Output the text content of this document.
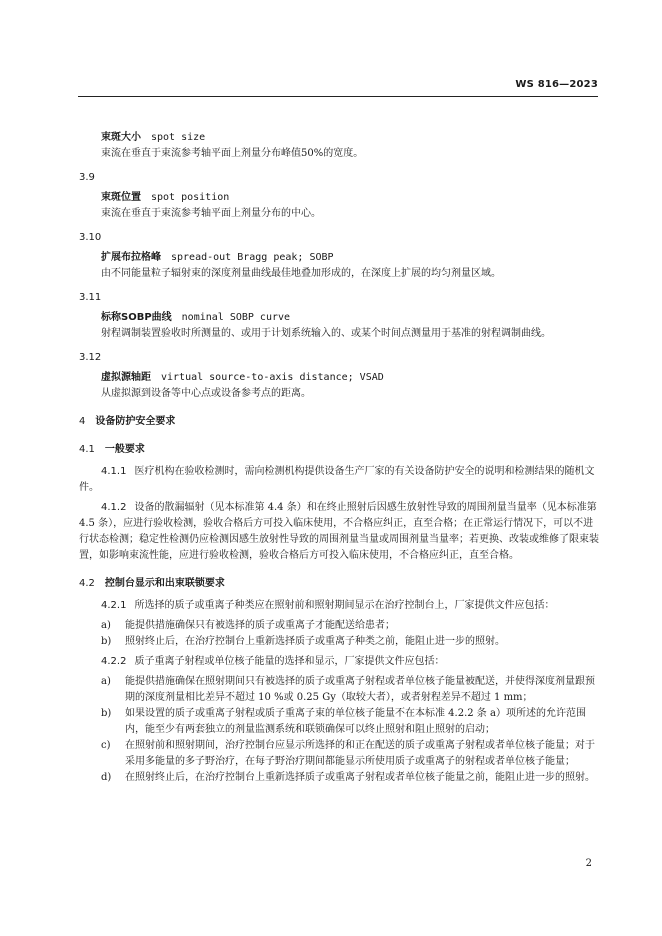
WS 816—2023
束斑大小 spot size
束流在垂直于束流参考轴平面上剂量分布峰值50%的宽度。
3.9
束斑位置 spot position
束流在垂直于束流参考轴平面上剂量分布的中心。
3.10
扩展布拉格峰 spread-out Bragg peak; SOBP
由不同能量粒子辐射束的深度剂量曲线最佳地叠加形成的，在深度上扩展的均匀剂量区域。
3.11
标称SOBP曲线 nominal SOBP curve
射程调制装置验收时所测量的、或用于计划系统输入的、或某个时间点测量用于基准的射程调制曲线。
3.12
虚拟源轴距 virtual source-to-axis distance; VSAD
从虚拟源到设备等中心点或设备参考点的距离。
4 设备防护安全要求
4.1 一般要求
4.1.1 医疗机构在验收检测时，需向检测机构提供设备生产厂家的有关设备防护安全的说明和检测结果的随机文件。
4.1.2 设备的散漏辐射（见本标准第 4.4 条）和在终止照射后因感生放射性导致的周围剂量当量率（见本标准第 4.5 条），应进行验收检测，验收合格后方可投入临床使用，不合格应纠正，直至合格；在正常运行情况下，可以不进行状态检测；稳定性检测仍应检测因感生放射性导致的周围剂量当量或周围剂量当量率；若更换、改装或维修了限束装置，如影响束流性能，应进行验收检测，验收合格后方可投入临床使用，不合格应纠正，直至合格。
4.2 控制台显示和出束联锁要求
4.2.1 所选择的质子或重离子种类应在照射前和照射期间显示在治疗控制台上，厂家提供文件应包括：
a)	能提供措施确保只有被选择的质子或重离子才能配送给患者；
b)	照射终止后，在治疗控制台上重新选择质子或重离子种类之前，能阻止进一步的照射。
4.2.2 质子重离子射程或单位核子能量的选择和显示，厂家提供文件应包括：
a)	能提供措施确保在照射期间只有被选择的质子或重离子射程或者单位核子能量被配送，并使得深度剂量跟预期的深度剂量相比差异不超过 10 %或 0.25 Gy（取较大者），或者射程差异不超过 1 mm；
b)	如果设置的质子或重离子射程或质子重离子束的单位核子能量不在本标准 4.2.2 条 a）项所述的允许范围内，能至少有两套独立的剂量监测系统和联锁确保可以终止照射和阻止照射的启动；
c)	在照射前和照射期间，治疗控制台应显示所选择的和正在配送的质子或重离子射程或者单位核子能量；对于采用多能量的多子野治疗，在每子野治疗期间都能显示所使用质子或重离子的射程或者单位核子能量；
d)	在照射终止后，在治疗控制台上重新选择质子或重离子射程或者单位核子能量之前，能阻止进一步的照射。
2
